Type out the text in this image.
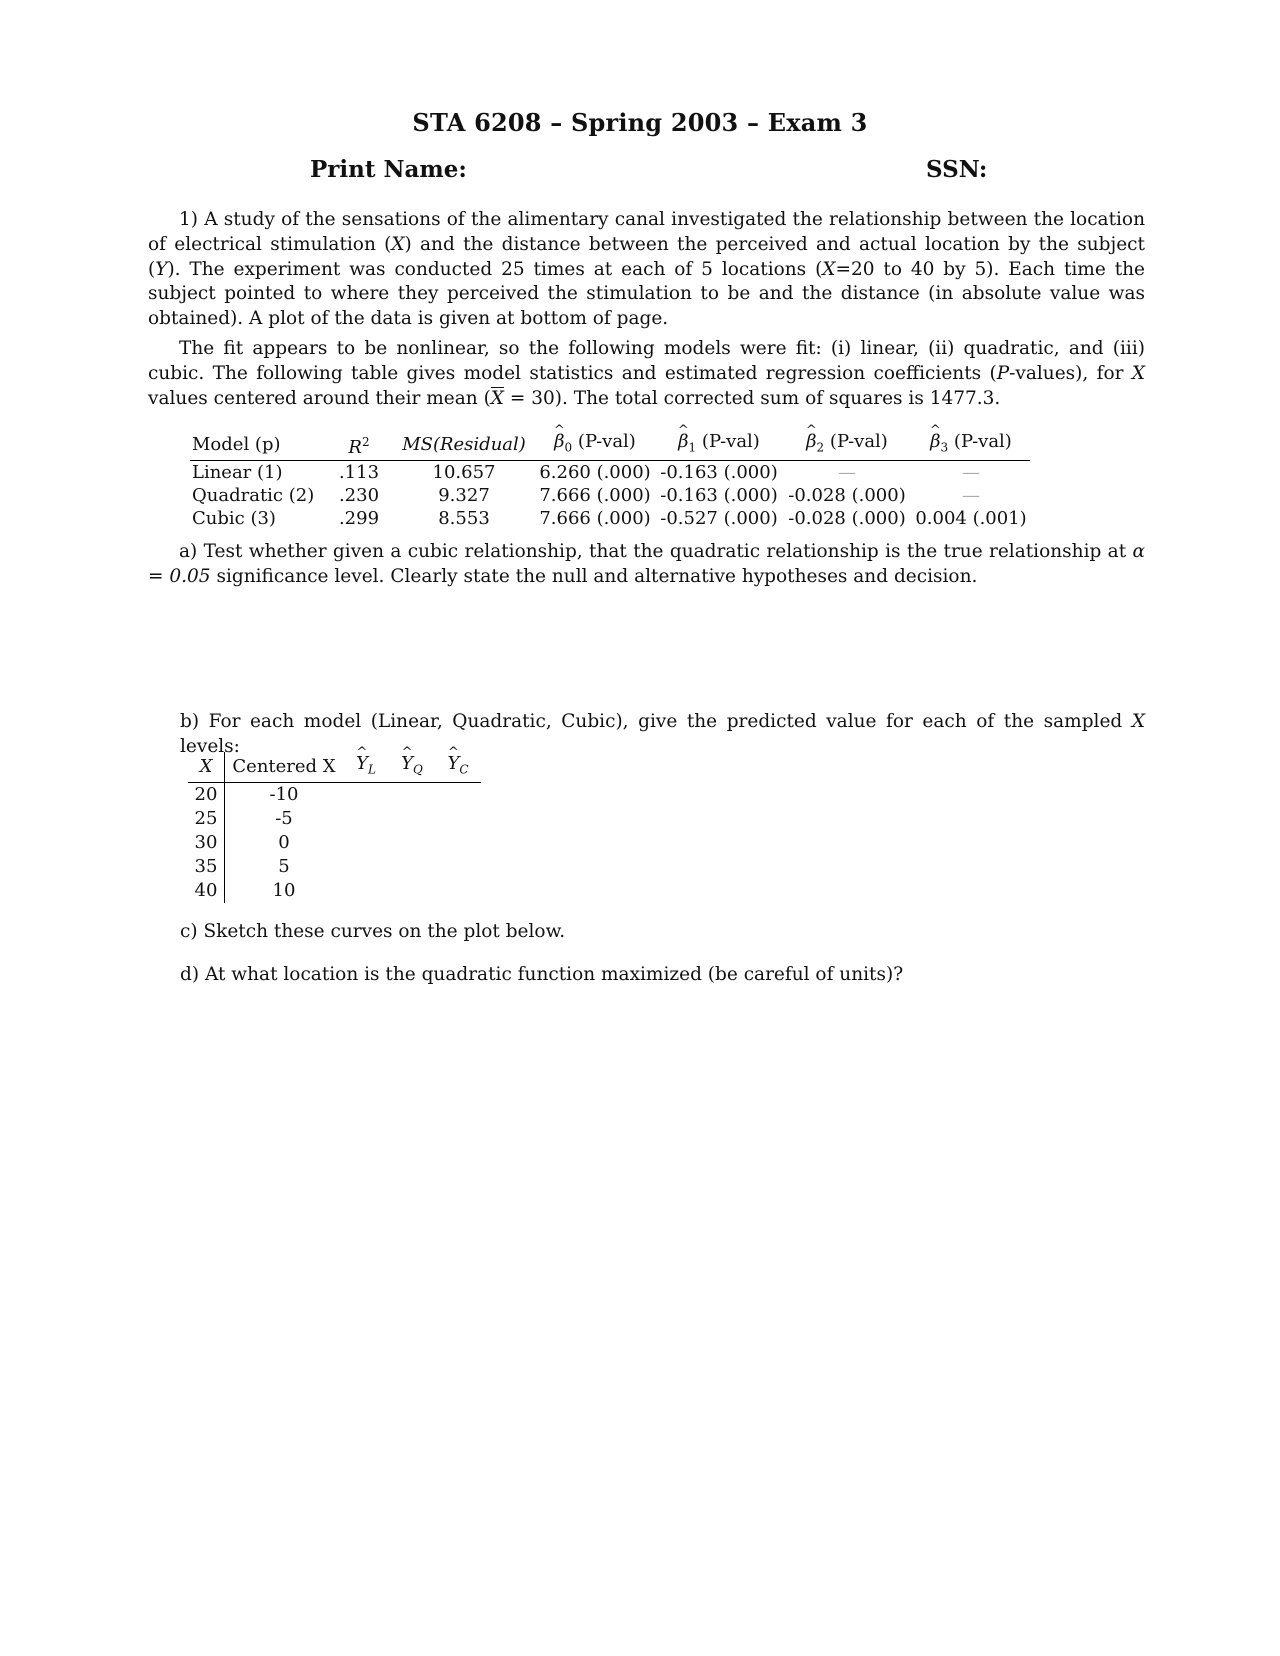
STA 6208 – Spring 2003 – Exam 3
Print Name:	SSN:
1) A study of the sensations of the alimentary canal investigated the relationship between the location of electrical stimulation (X) and the distance between the perceived and actual location by the subject (Y). The experiment was conducted 25 times at each of 5 locations (X=20 to 40 by 5). Each time the subject pointed to where they perceived the stimulation to be and the distance (in absolute value was obtained). A plot of the data is given at bottom of page.
The fit appears to be nonlinear, so the following models were fit: (i) linear, (ii) quadratic, and (iii) cubic. The following table gives model statistics and estimated regression coefficients (P-values), for X values centered around their mean $(\overline{X} = 30)$. The total corrected sum of squares is 1477.3.
Model (p)	$R^2$	MS(Residual)	^ $\beta_0$ (P-val)	^ $\beta_1$ (P-val)	^ $\beta_2$ (P-val)	^ $\beta_3$ (P-val)
Linear (1)	.113	10.657	6.260 (.000)	-0.163 (.000)	—	—
Quadratic (2)	.230	9.327	7.666 (.000)	-0.163 (.000)	-0.028 (.000)	—
Cubic (3)	.299	8.553	7.666 (.000)	-0.527 (.000)	-0.028 (.000)	0.004 (.001)
a) Test whether given a cubic relationship, that the quadratic relationship is the true relationship at α = 0.05 significance level. Clearly state the null and alternative hypotheses and decision.
b) For each model (Linear, Quadratic, Cubic), give the predicted value for each of the sampled X levels:
X	Centered X	^ $Y_L$	^ $Y_Q$	^ $Y_C$
20	-10			
25	-5			
30	0			
35	5			
40	10			
c) Sketch these curves on the plot below.
d) At what location is the quadratic function maximized (be careful of units)?
